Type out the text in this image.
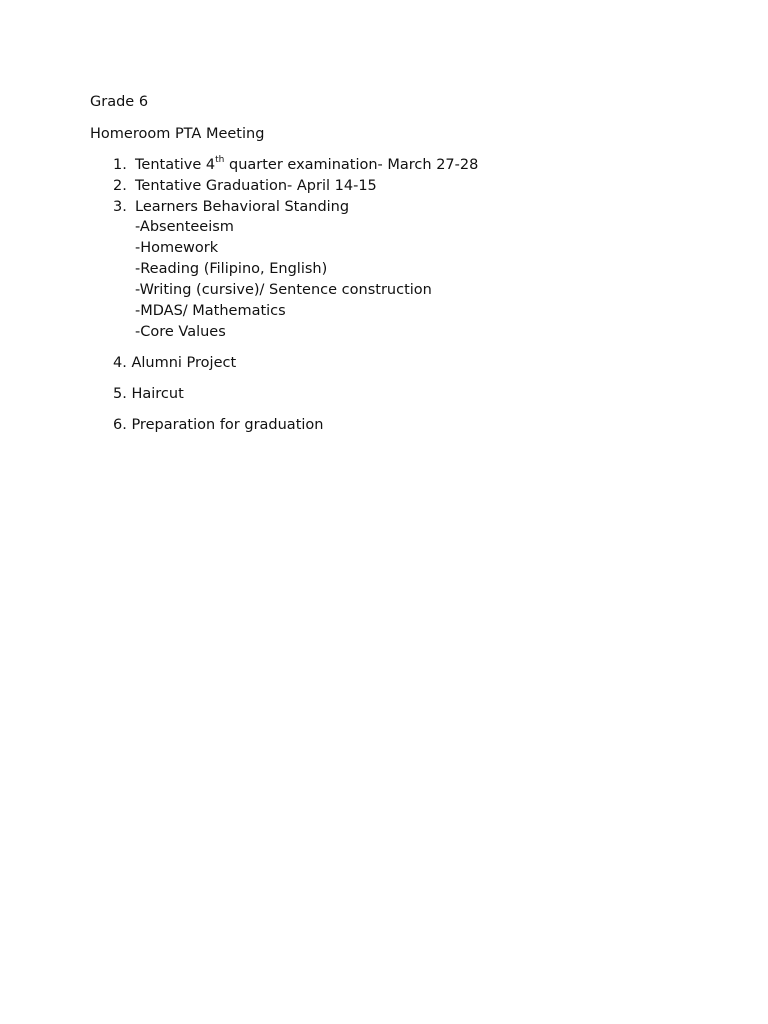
Grade 6
Homeroom PTA Meeting
1. Tentative 4th quarter examination- March 27-28
2. Tentative Graduation- April 14-15
3. Learners Behavioral Standing
-Absenteeism
-Homework
-Reading (Filipino, English)
-Writing (cursive)/ Sentence construction
-MDAS/ Mathematics
-Core Values
4. Alumni Project
5. Haircut
6. Preparation for graduation
